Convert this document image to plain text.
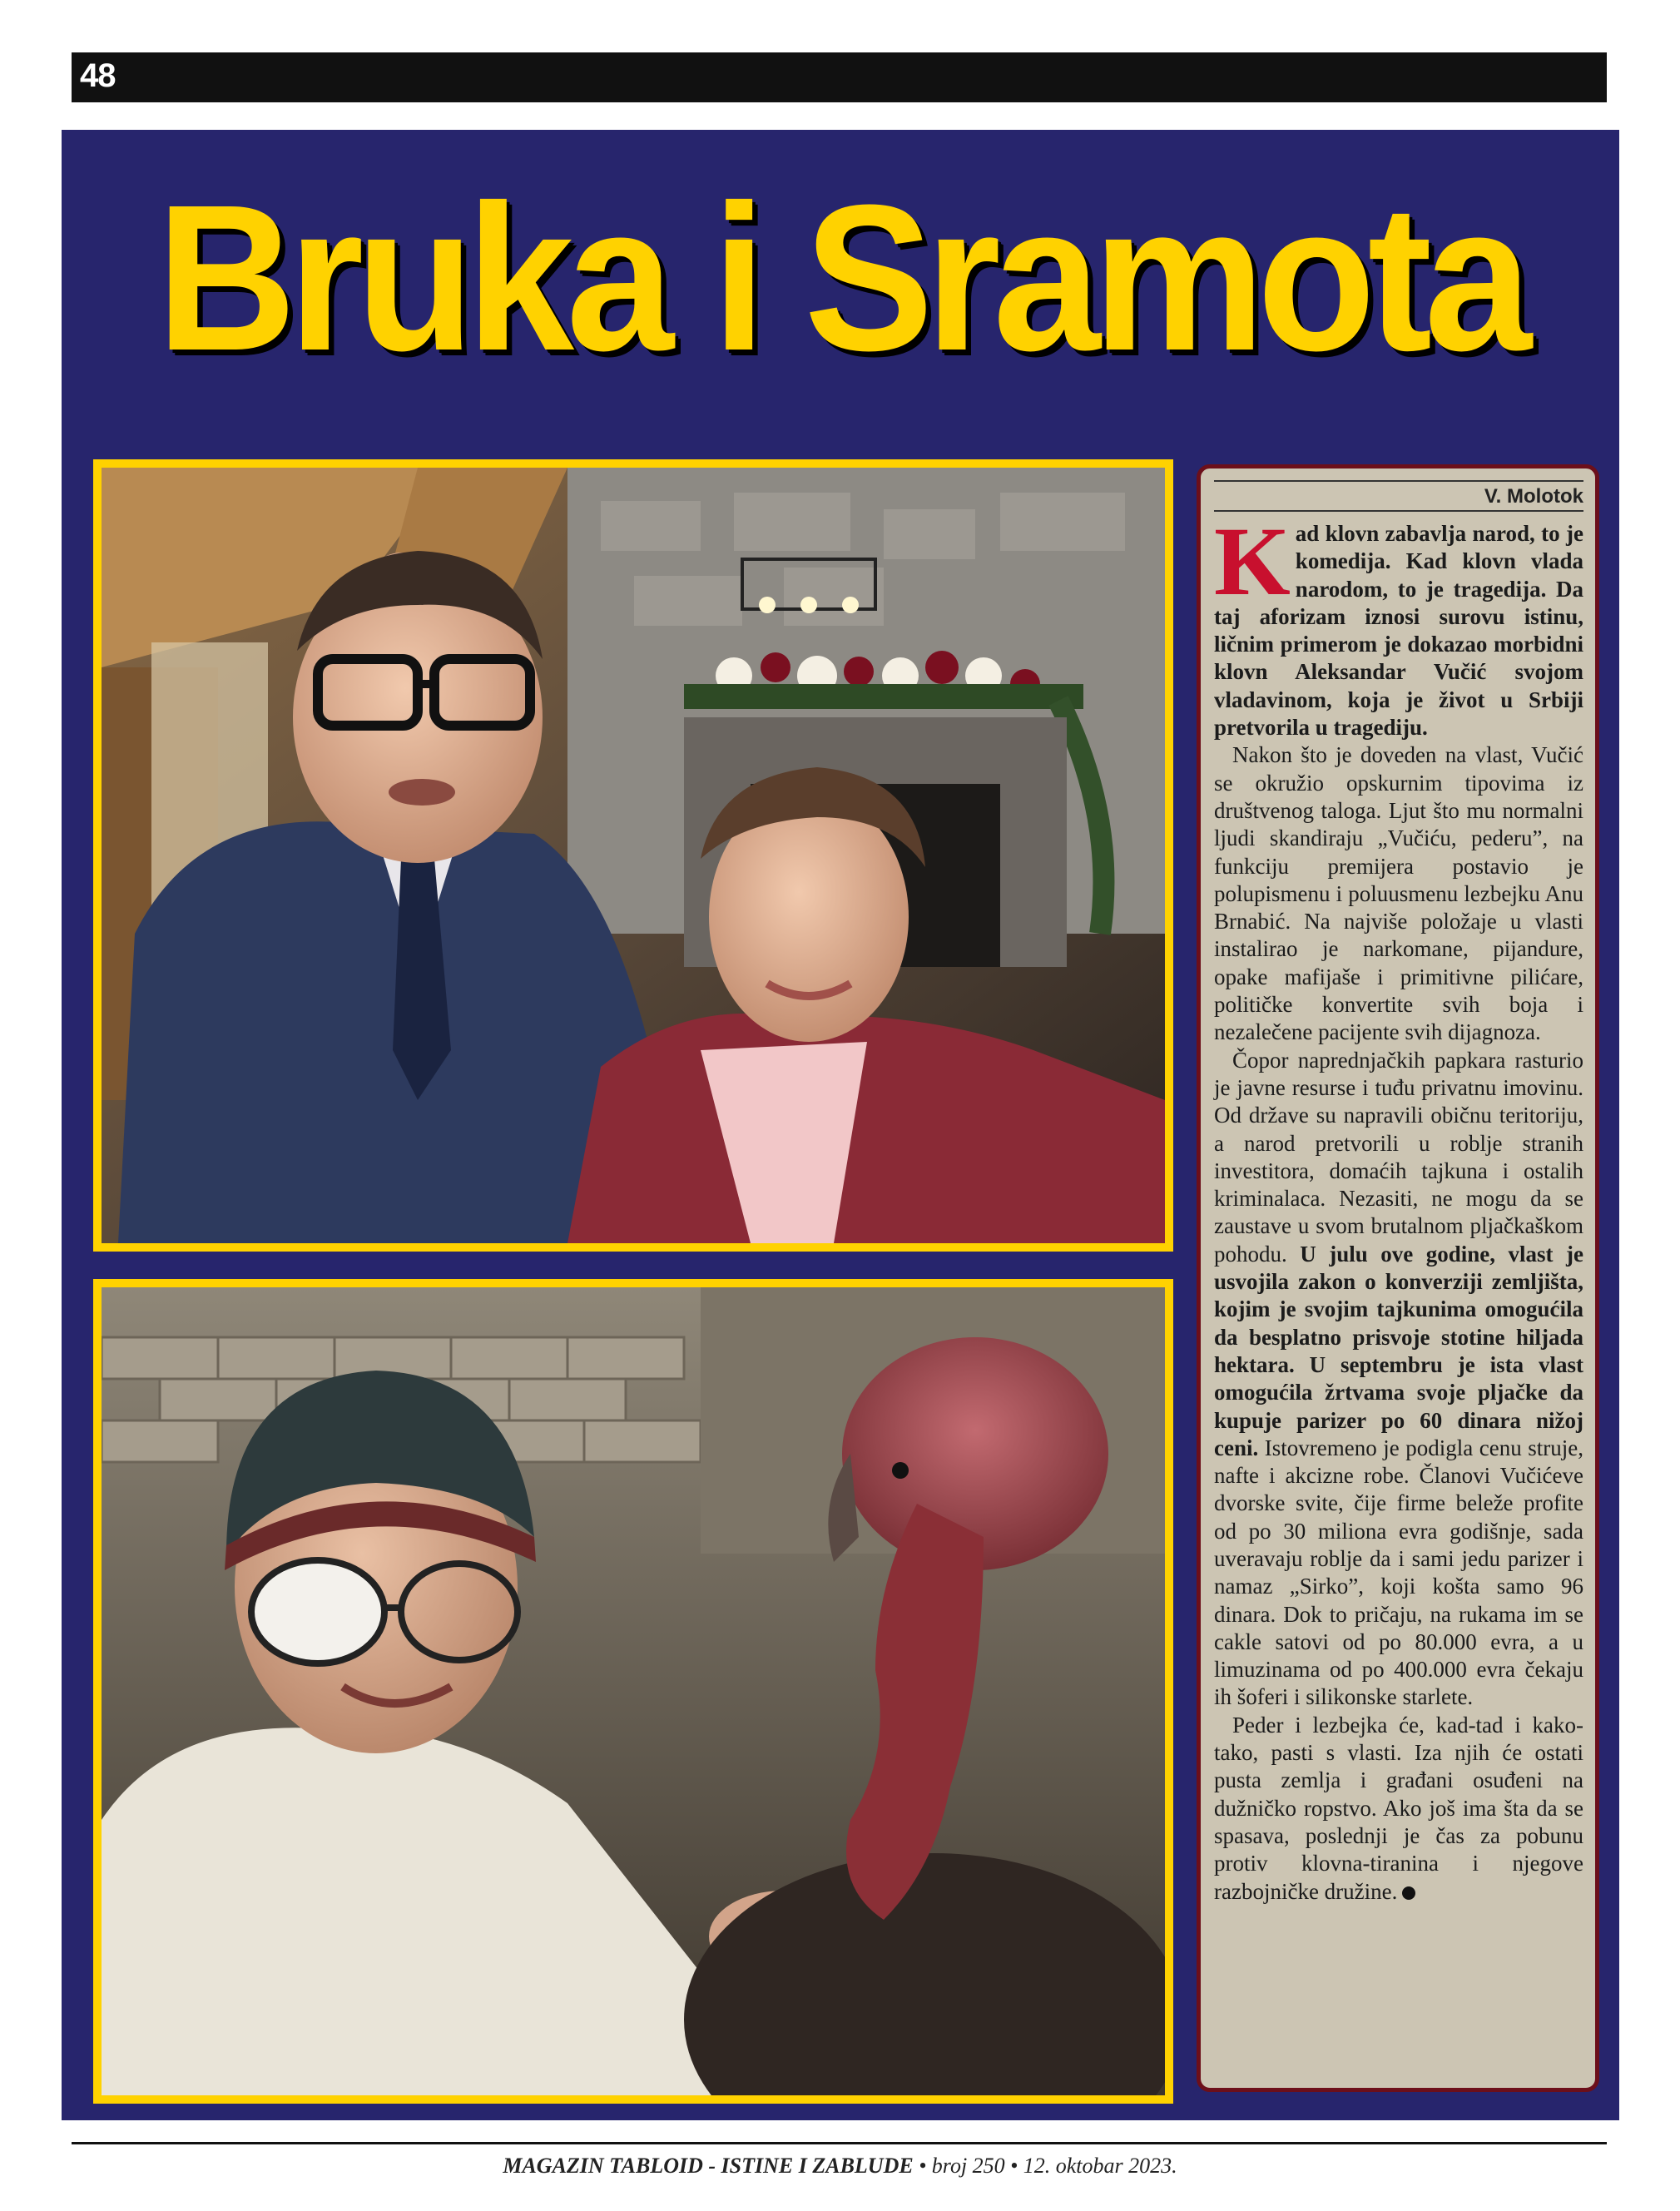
48
Bruka i Sramota
V. Molotok

Kad klovn zabavlja narod, to je komedija. Kad klovn vlada narodom, to je tragedija. Da taj aforizam iznosi surovu istinu, ličnim primerom je dokazao morbidni klovn Aleksandar Vučić svojom vladavinom, koja je život u Srbiji pretvorila u tragediju.

Nakon što je doveden na vlast, Vučić se okružio opskurnim tipovima iz društvenog taloga. Ljut što mu normalni ljudi skandiraju „Vučiću, pederu”, na funkciju premijera postavio je polupismenu i poluusmenu lezbejku Anu Brnabić. Na najviše položaje u vlasti instalirao je narkomane, pijandure, opake mafijaše i primitivne pilićare, političke konvertite svih boja i nezalečene pacijente svih dijagnoza.

Čopor naprednjačkih papkara rasturio je javne resurse i tuđu privatnu imovinu. Od države su napravili običnu teritoriju, a narod pretvorili u roblje stranih investitora, domaćih tajkuna i ostalih kriminalaca. Nezasiti, ne mogu da se zaustave u svom brutalnom pljačkaškom pohodu. U julu ove godine, vlast je usvojila zakon o konverziji zemljišta, kojim je svojim tajkunima omogućila da besplatno prisvoje stotine hiljada hektara. U septembru je ista vlast omogućila žrtvama svoje pljačke da kupuje parizer po 60 dinara nižoj ceni. Istovremeno je podigla cenu struje, nafte i akcizne robe. Članovi Vučićeve dvorske svite, čije firme beleže profite od po 30 miliona evra godišnje, sada uveravaju roblje da i sami jedu parizer i namaz „Sirko”, koji košta samo 96 dinara. Dok to pričaju, na rukama im se cakle satovi od po 80.000 evra, a u limuzinama od po 400.000 evra čekaju ih šoferi i silikonske starlete.

Peder i lezbejka će, kad-tad i kako-tako, pasti s vlasti. Iza njih će ostati pusta zemlja i građani osuđeni na dužničko ropstvo. Ako još ima šta da se spasava, poslednji je čas za pobunu protiv klovna-tiranina i njegove razbojničke družine.

MAGAZIN TABLOID - ISTINE I ZABLUDE • broj 250 • 12. oktobar 2023.
